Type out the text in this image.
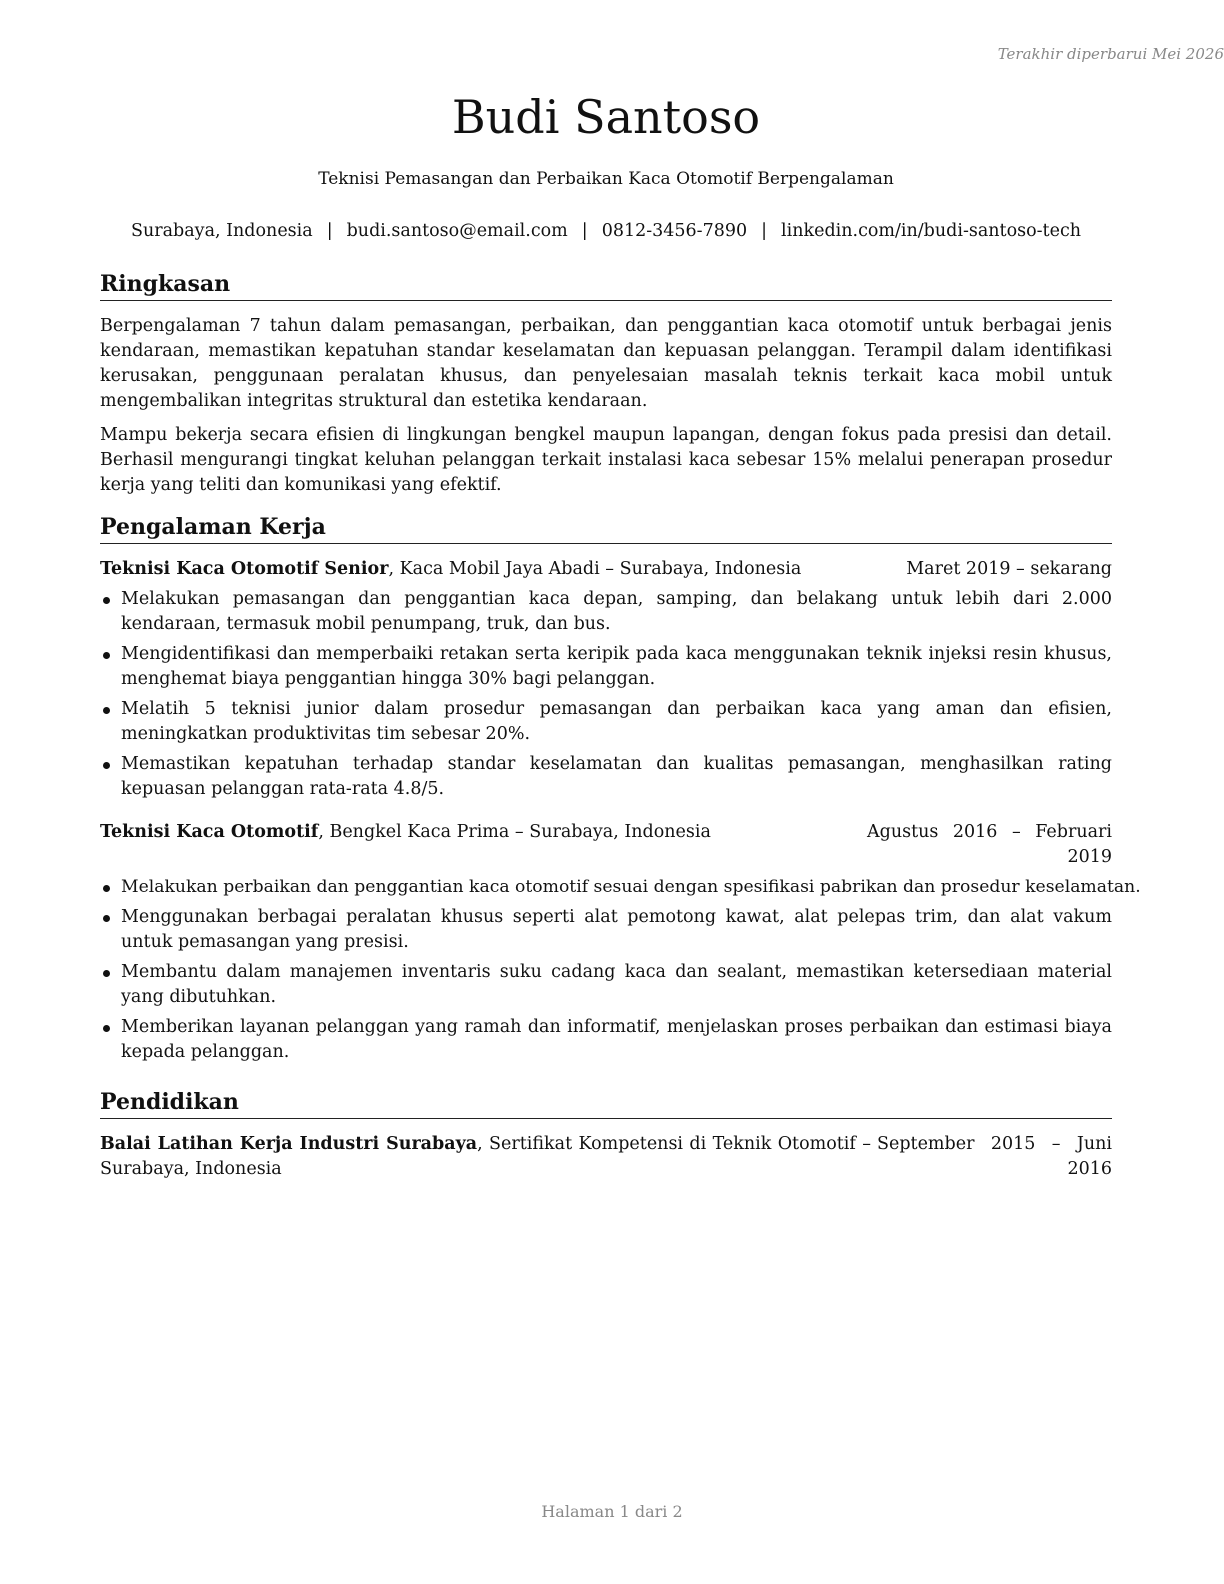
Terakhir diperbarui Mei 2026
Budi Santoso
Teknisi Pemasangan dan Perbaikan Kaca Otomotif Berpengalaman
Surabaya, Indonesia | budi.santoso@email.com | 0812-3456-7890 | linkedin.com/in/budi-santoso-tech
Ringkasan

Berpengalaman 7 tahun dalam pemasangan, perbaikan, dan penggantian kaca otomotif untuk berbagai jenis kendaraan, memastikan kepatuhan standar keselamatan dan kepuasan pelanggan. Terampil dalam identifikasi kerusakan, penggunaan peralatan khusus, dan penyelesaian masalah teknis terkait kaca mobil untuk mengembalikan integritas struktural dan estetika kendaraan.

Mampu bekerja secara efisien di lingkungan bengkel maupun lapangan, dengan fokus pada presisi dan detail. Berhasil mengurangi tingkat keluhan pelanggan terkait instalasi kaca sebesar 15% melalui penerapan prosedur kerja yang teliti dan komunikasi yang efektif.

Pengalaman Kerja
Teknisi Kaca Otomotif Senior, Kaca Mobil Jaya Abadi – Surabaya, Indonesia	Maret 2019 – sekarang
Melakukan pemasangan dan penggantian kaca depan, samping, dan belakang untuk lebih dari 2.000 kendaraan, termasuk mobil penumpang, truk, dan bus.
Mengidentifikasi dan memperbaiki retakan serta keripik pada kaca menggunakan teknik injeksi resin khusus, menghemat biaya penggantian hingga 30% bagi pelanggan.
Melatih 5 teknisi junior dalam prosedur pemasangan dan perbaikan kaca yang aman dan efisien, meningkatkan produktivitas tim sebesar 20%.
Memastikan kepatuhan terhadap standar keselamatan dan kualitas pemasangan, menghasilkan rating kepuasan pelanggan rata-rata 4.8/5.
Teknisi Kaca Otomotif, Bengkel Kaca Prima – Surabaya, Indonesia	Agustus 2016 – Februari 2019
Melakukan perbaikan dan penggantian kaca otomotif sesuai dengan spesifikasi pabrikan dan prosedur keselamatan.
Menggunakan berbagai peralatan khusus seperti alat pemotong kawat, alat pelepas trim, dan alat vakum untuk pemasangan yang presisi.
Membantu dalam manajemen inventaris suku cadang kaca dan sealant, memastikan ketersediaan material yang dibutuhkan.
Memberikan layanan pelanggan yang ramah dan informatif, menjelaskan proses perbaikan dan estimasi biaya kepada pelanggan.
Pendidikan
Balai Latihan Kerja Industri Surabaya, Sertifikat Kompetensi di Teknik Otomotif – Surabaya, Indonesia
September 2015 – Juni 2016
Halaman 1 dari 2
